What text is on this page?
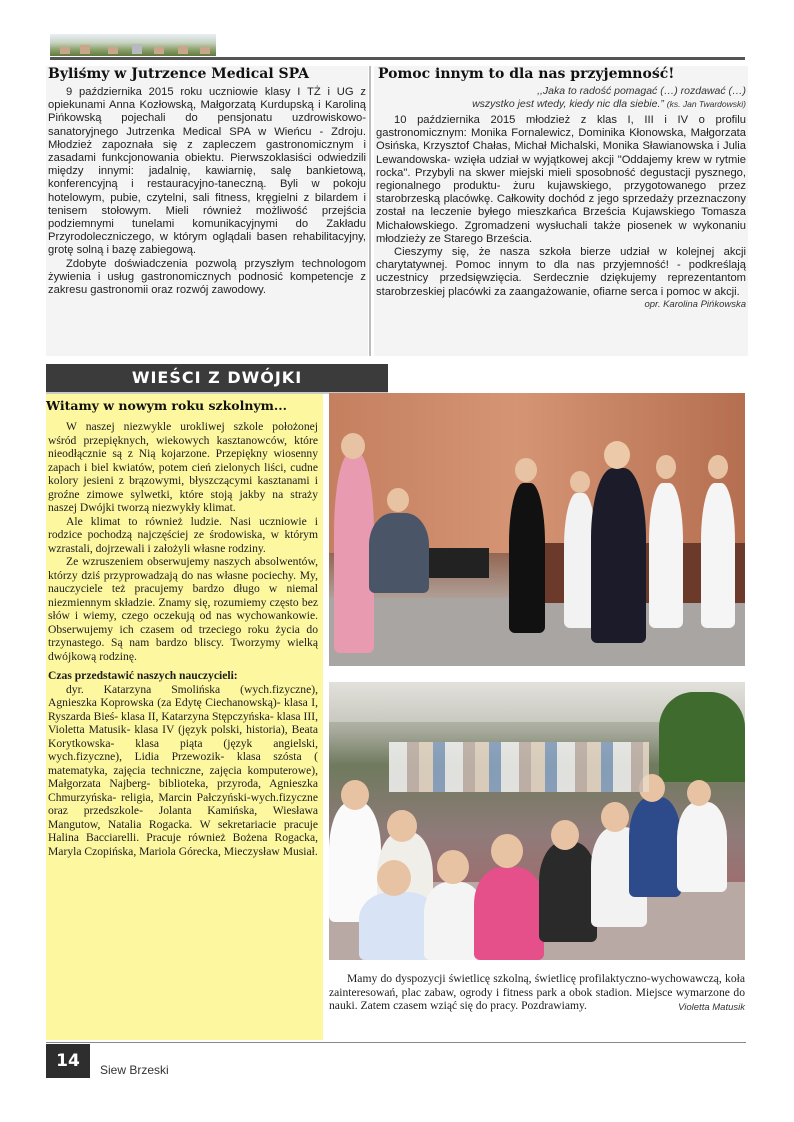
Byliśmy w Jutrzence Medical SPA

9 października 2015 roku uczniowie klasy I TŻ i UG z opiekunami Anna Kozłowską, Małgorzatą Kurdupską i Karoliną Pińkowską pojechali do pensjonatu uzdrowiskowo-sanatoryjnego Jutrzenka Medical SPA w Wieńcu - Zdroju. Młodzież zapoznała się z zapleczem gastronomicznym i zasadami funkcjonowania obiektu. Pierwszoklasiści odwiedzili między innymi: jadalnię, kawiarnię, salę bankietową, konferencyjną i restauracyjno-taneczną. Byli w pokoju hotelowym, pubie, czytelni, sali fitness, kręgielni z bilardem i tenisem stołowym. Mieli również możliwość przejścia podziemnymi tunelami komunikacyjnymi do Zakładu Przyrodoleczniczego, w którym oglądali basen rehabilitacyjny, grotę solną i bazę zabiegową.

Zdobyte doświadczenia pozwolą przyszłym technologom żywienia i usług gastronomicznych podnosić kompetencje z zakresu gastronomii oraz rozwój zawodowy.

Pomoc innym to dla nas przyjemność!
,,Jaka to radość pomagać (…) rozdawać (…)
wszystko jest wtedy, kiedy nic dla siebie.” (ks. Jan Twardowski)

10 października 2015 młodzież z klas I, III i IV o profilu gastronomicznym: Monika Fornalewicz, Dominika Kłonowska, Małgorzata Osińska, Krzysztof Chałas, Michał Michalski, Monika Sławianowska i Julia Lewandowska- wzięła udział w wyjątkowej akcji "Oddajemy krew w rytmie rocka". Przybyli na skwer miejski mieli sposobność degustacji pysznego, regionalnego produktu- żuru kujawskiego, przygotowanego przez starobrzeską placówkę. Całkowity dochód z jego sprzedaży przeznaczony został na leczenie byłego mieszkańca Brześcia Kujawskiego Tomasza Michałowskiego. Zgromadzeni wysłuchali także piosenek w wykonaniu młodzieży ze Starego Brześcia.

Cieszymy się, że nasza szkoła bierze udział w kolejnej akcji charytatywnej. Pomoc innym to dla nas przyjemność! - podkreślają uczestnicy przedsięwzięcia. Serdecznie dziękujemy reprezentantom starobrzeskiej placówki za zaangażowanie, ofiarne serca i pomoc w akcji.

opr. Karolina Pińkowska
WIEŚCI Z DWÓJKI
Witamy w nowym roku szkolnym...

W naszej niezwykle urokliwej szkole położonej wśród przepięknych, wiekowych kasztanowców, które nieodłącznie są z Nią kojarzone. Przepiękny wiosenny zapach i biel kwiatów, potem cień zielonych liści, cudne kolory jesieni z brązowymi, błyszczącymi kasztanami i groźne zimowe sylwetki, które stoją jakby na straży naszej Dwójki tworzą niezwykły klimat.

Ale klimat to również ludzie. Nasi uczniowie i rodzice pochodzą najczęściej ze środowiska, w którym wzrastali, dojrzewali i założyli własne rodziny.

Ze wzruszeniem obserwujemy naszych absolwentów, którzy dziś przyprowadzają do nas własne pociechy. My, nauczyciele też pracujemy bardzo długo w niemal niezmiennym składzie. Znamy się, rozumiemy często bez słów i wiemy, czego oczekują od nas wychowankowie. Obserwujemy ich czasem od trzeciego roku życia do trzynastego. Są nam bardzo bliscy. Tworzymy wielką dwójkową rodzinę.

Czas przedstawić naszych nauczycieli:

dyr. Katarzyna Smolińska (wych.fizyczne), Agnieszka Koprowska (za Edytę Ciechanowską)- klasa I, Ryszarda Bieś- klasa II, Katarzyna Stępczyńska- klasa III, Violetta Matusik- klasa IV (język polski, historia), Beata Korytkowska- klasa piąta (język angielski, wych.fizyczne), Lidia Przewozik- klasa szósta ( matematyka, zajęcia techniczne, zajęcia komputerowe), Małgorzata Najberg- biblioteka, przyroda, Agnieszka Chmurzyńska- religia, Marcin Pałczyński-wych.fizyczne oraz przedszkole- Jolanta Kamińska, Wiesława Mangutow, Natalia Rogacka. W sekretariacie pracuje Halina Bacciarelli. Pracuje również Bożena Rogacka, Maryla Czopińska, Mariola Górecka, Mieczysław Musiał.

Mamy do dyspozycji świetlicę szkolną, świetlicę profilaktyczno-wychowawczą, koła zainteresowań, plac zabaw, ogrody i fitness park a obok stadion. Miejsce wymarzone do nauki. Zatem czasem wziąć się do pracy. Pozdrawiamy.	Violetta Matusik
14	Siew Brzeski
